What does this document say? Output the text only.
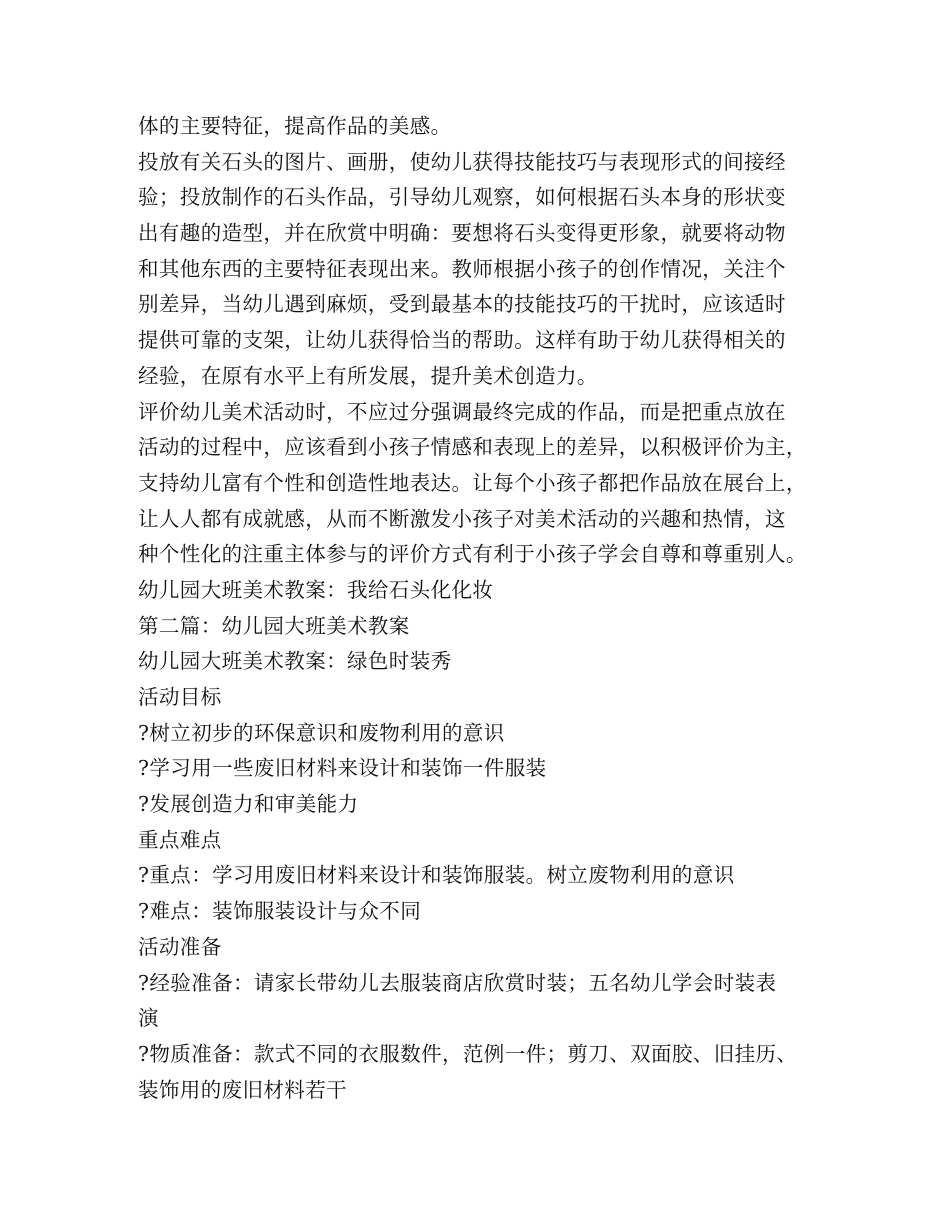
体的主要特征，提高作品的美感。
投放有关石头的图片、画册，使幼儿获得技能技巧与表现形式的间接经
验；投放制作的石头作品，引导幼儿观察，如何根据石头本身的形状变
出有趣的造型，并在欣赏中明确：要想将石头变得更形象，就要将动物
和其他东西的主要特征表现出来。教师根据小孩子的创作情况，关注个
别差异，当幼儿遇到麻烦，受到最基本的技能技巧的干扰时，应该适时
提供可靠的支架，让幼儿获得恰当的帮助。这样有助于幼儿获得相关的
经验，在原有水平上有所发展，提升美术创造力。
评价幼儿美术活动时，不应过分强调最终完成的作品，而是把重点放在
活动的过程中，应该看到小孩子情感和表现上的差异，以积极评价为主，
支持幼儿富有个性和创造性地表达。让每个小孩子都把作品放在展台上，
让人人都有成就感，从而不断激发小孩子对美术活动的兴趣和热情，这
种个性化的注重主体参与的评价方式有利于小孩子学会自尊和尊重别人。
幼儿园大班美术教案：我给石头化化妆
第二篇：幼儿园大班美术教案
幼儿园大班美术教案：绿色时装秀
活动目标
?树立初步的环保意识和废物利用的意识
?学习用一些废旧材料来设计和装饰一件服装
?发展创造力和审美能力
重点难点
?重点：学习用废旧材料来设计和装饰服装。树立废物利用的意识
?难点：装饰服装设计与众不同
活动准备
?经验准备：请家长带幼儿去服装商店欣赏时装；五名幼儿学会时装表
演
?物质准备：款式不同的衣服数件，范例一件；剪刀、双面胶、旧挂历、
装饰用的废旧材料若干
